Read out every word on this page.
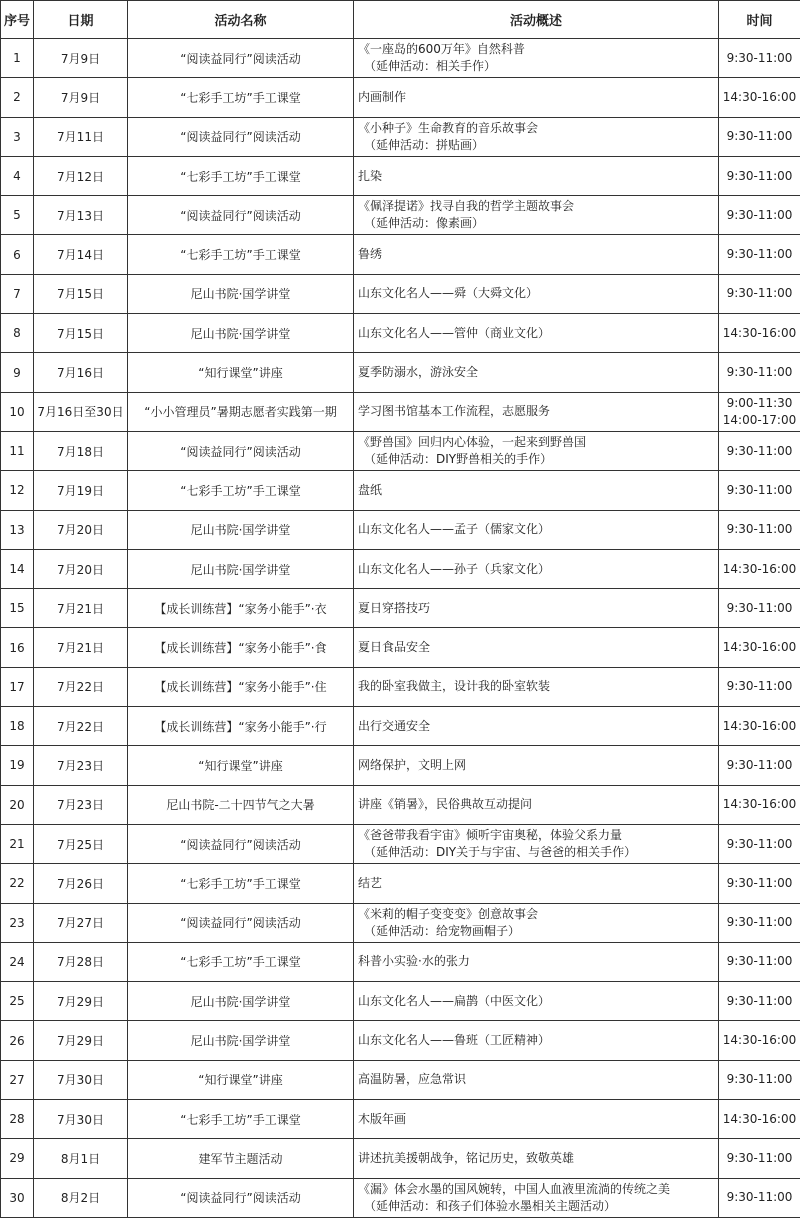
序号	日期	活动名称	活动概述	时间
1	7月9日	“阅读益同行”阅读活动	《一座岛的600万年》自然科普
（延伸活动：相关手作）	9:30-11:00

2	7月9日	“七彩手工坊”手工课堂	内画制作	14:30-16:00

3	7月11日	“阅读益同行”阅读活动	《小种子》生命教育的音乐故事会
（延伸活动：拼贴画）	9:30-11:00

4	7月12日	“七彩手工坊”手工课堂	扎染	9:30-11:00

5	7月13日	“阅读益同行”阅读活动	《佩泽提诺》找寻自我的哲学主题故事会
（延伸活动：像素画）	9:30-11:00

6	7月14日	“七彩手工坊”手工课堂	鲁绣	9:30-11:00

7	7月15日	尼山书院·国学讲堂	山东文化名人——舜（大舜文化）	9:30-11:00

8	7月15日	尼山书院·国学讲堂	山东文化名人——管仲（商业文化）	14:30-16:00

9	7月16日	“知行课堂”讲座	夏季防溺水，游泳安全	9:30-11:00

10	7月16日至30日	“小小管理员”暑期志愿者实践第一期	学习图书馆基本工作流程，志愿服务	9:00-11:30
14:00-17:00

11	7月18日	“阅读益同行”阅读活动	《野兽国》回归内心体验，一起来到野兽国
（延伸活动：DIY野兽相关的手作）	9:30-11:00

12	7月19日	“七彩手工坊”手工课堂	盘纸	9:30-11:00

13	7月20日	尼山书院·国学讲堂	山东文化名人——孟子（儒家文化）	9:30-11:00

14	7月20日	尼山书院·国学讲堂	山东文化名人——孙子（兵家文化）	14:30-16:00

15	7月21日	【成长训练营】“家务小能手”·衣	夏日穿搭技巧	9:30-11:00

16	7月21日	【成长训练营】“家务小能手”·食	夏日食品安全	14:30-16:00

17	7月22日	【成长训练营】“家务小能手”·住	我的卧室我做主，设计我的卧室软装	9:30-11:00

18	7月22日	【成长训练营】“家务小能手”·行	出行交通安全	14:30-16:00

19	7月23日	“知行课堂”讲座	网络保护，文明上网	9:30-11:00

20	7月23日	尼山书院-二十四节气之大暑	讲座《销暑》，民俗典故互动提问	14:30-16:00

21	7月25日	“阅读益同行”阅读活动	《爸爸带我看宇宙》倾听宇宙奥秘，体验父系力量
（延伸活动：DIY关于与宇宙、与爸爸的相关手作）	9:30-11:00

22	7月26日	“七彩手工坊”手工课堂	结艺	9:30-11:00

23	7月27日	“阅读益同行”阅读活动	《米莉的帽子变变变》创意故事会
（延伸活动：给宠物画帽子）	9:30-11:00

24	7月28日	“七彩手工坊”手工课堂	科普小实验·水的张力	9:30-11:00

25	7月29日	尼山书院·国学讲堂	山东文化名人——扁鹊（中医文化）	9:30-11:00

26	7月29日	尼山书院·国学讲堂	山东文化名人——鲁班（工匠精神）	14:30-16:00

27	7月30日	“知行课堂”讲座	高温防暑，应急常识	9:30-11:00

28	7月30日	“七彩手工坊”手工课堂	木版年画	14:30-16:00

29	8月1日	建军节主题活动	讲述抗美援朝战争，铭记历史，致敬英雄	9:30-11:00

30	8月2日	“阅读益同行”阅读活动	《漏》体会水墨的国风婉转，中国人血液里流淌的传统之美
（延伸活动：和孩子们体验水墨相关主题活动）	9:30-11:00
